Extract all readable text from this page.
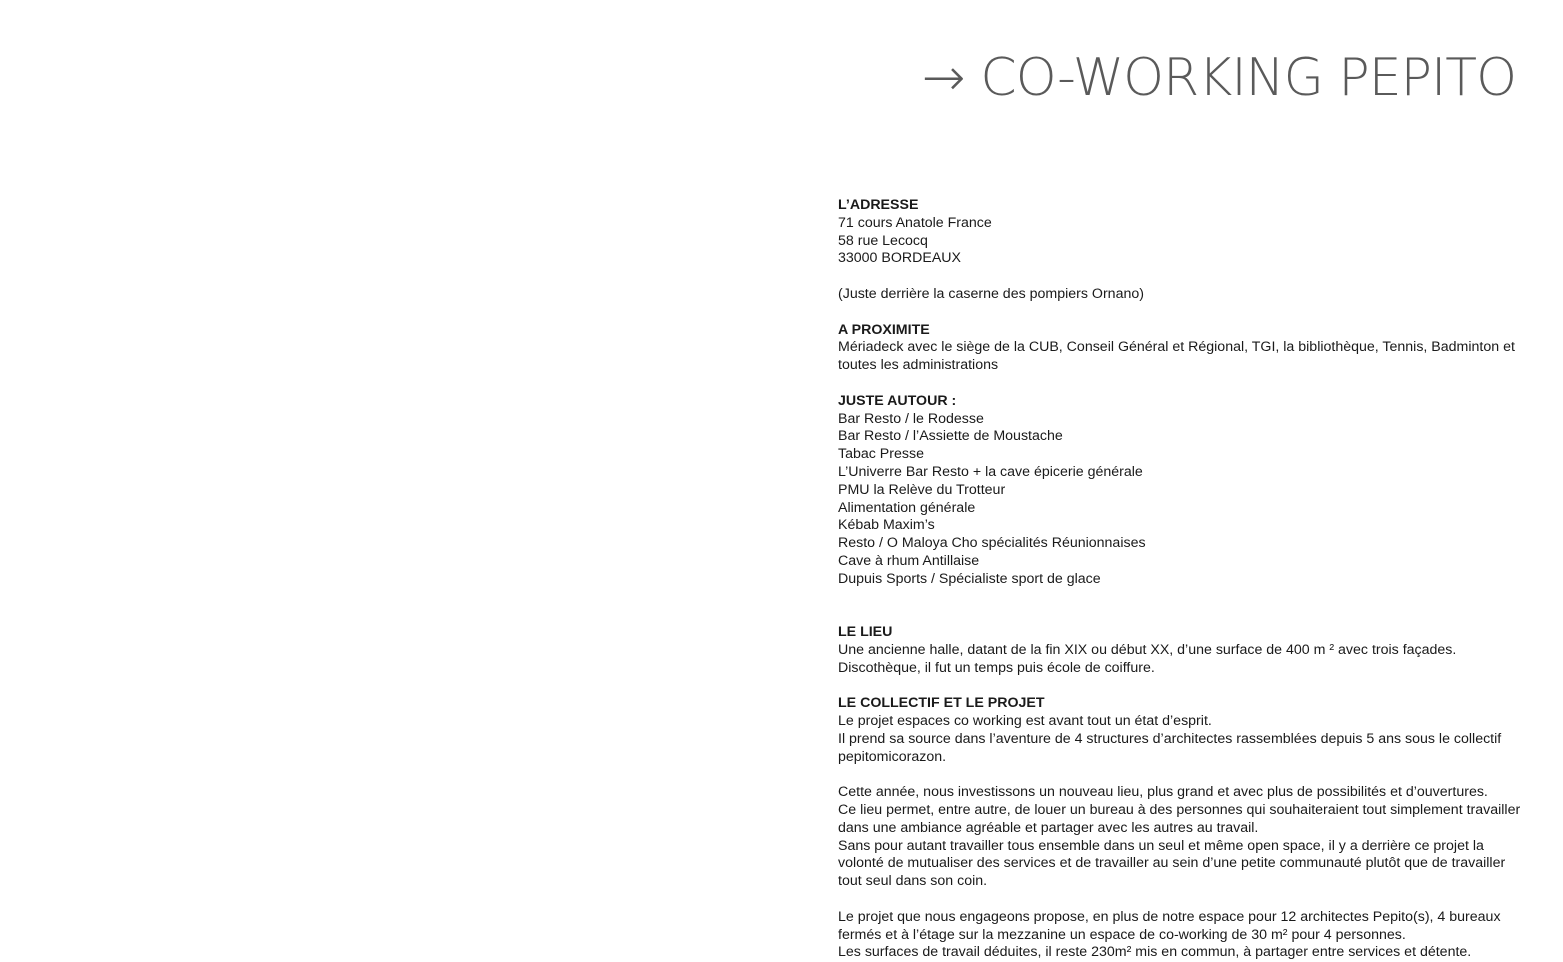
→ CO-WORKING PEPITO
L’ADRESSE
71 cours Anatole France
58 rue Lecocq
33000 BORDEAUX
(Juste derrière la caserne des pompiers Ornano)
A PROXIMITE
Mériadeck avec le siège de la CUB, Conseil Général et Régional, TGI, la bibliothèque, Tennis, Badminton et toutes les administrations
JUSTE AUTOUR :
Bar Resto / le Rodesse
Bar Resto / l’Assiette de Moustache
Tabac Presse
L’Univerre Bar Resto + la cave épicerie générale
PMU la Relève du Trotteur
Alimentation générale
Kébab Maxim’s
Resto / O Maloya Cho spécialités Réunionnaises
Cave à rhum Antillaise
Dupuis Sports / Spécialiste sport de glace
LE LIEU
Une ancienne halle, datant de la fin XIX ou début XX, d’une surface de 400 m ² avec trois façades.
Discothèque, il fut un temps puis école de coiffure.
LE COLLECTIF ET LE PROJET
Le projet espaces co working est avant tout un état d’esprit.
Il prend sa source dans l’aventure de 4 structures d’architectes rassemblées depuis 5 ans sous le collectif pepitomicorazon.
Cette année, nous investissons un nouveau lieu, plus grand et avec plus de possibilités et d’ouvertures.
Ce lieu permet, entre autre, de louer un bureau à des personnes qui souhaiteraient tout simplement travailler dans une ambiance agréable et partager avec les autres au travail.
Sans pour autant travailler tous ensemble dans un seul et même open space, il y a derrière ce projet la volonté de mutualiser des services et de travailler au sein d’une petite communauté plutôt que de travailler tout seul dans son coin.
Le projet que nous engageons propose, en plus de notre espace pour 12 architectes Pepito(s), 4 bureaux fermés et à l’étage sur la mezzanine un espace de co-working de 30 m² pour 4 personnes.
Les surfaces de travail déduites, il reste 230m² mis en commun, à partager entre services et détente.
